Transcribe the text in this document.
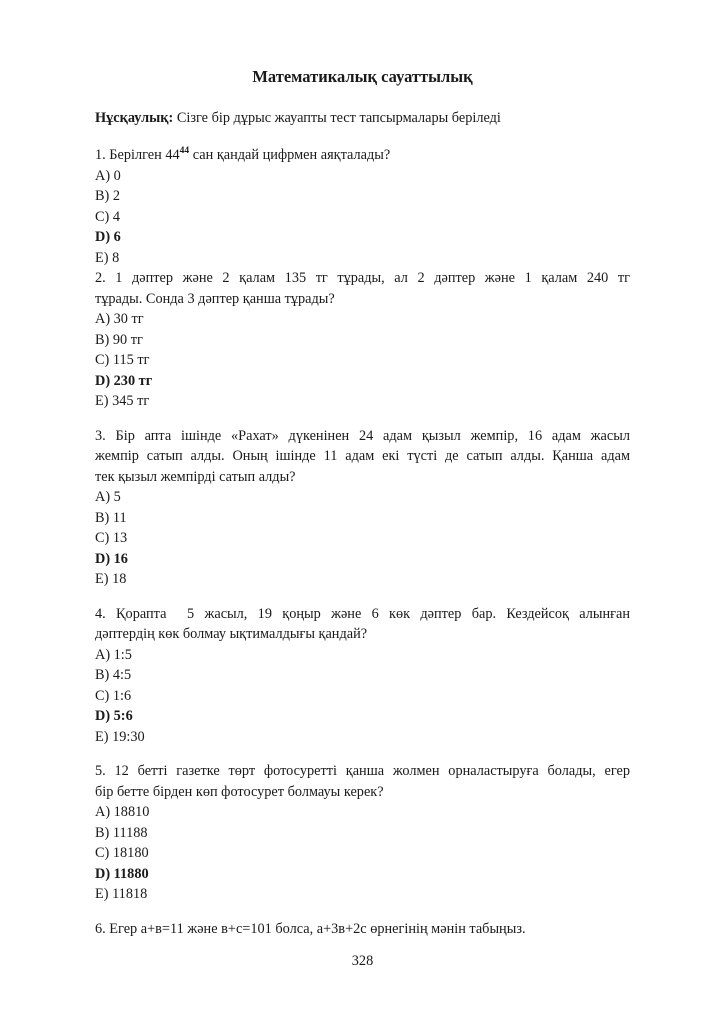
Математикалық сауаттылық
Нұсқаулық: Сізге бір дұрыс жауапты тест тапсырмалары беріледі
1. Берілген $44^{44}$ сан қандай цифрмен аяқталады?
A) 0
B) 2
C) 4
D) 6
E) 8
2. 1 дәптер және 2 қалам 135 тг тұрады, ал 2 дәптер және 1 қалам 240 тг
тұрады. Сонда 3 дәптер қанша тұрады?
A) 30 тг
B) 90 тг
C) 115 тг
D) 230 тг
E) 345 тг
3. Бір апта ішінде «Рахат» дүкенінен 24 адам қызыл жемпір, 16 адам жасыл
жемпір сатып алды. Оның ішінде 11 адам екі түсті де сатып алды. Қанша адам
тек қызыл жемпірді сатып алды?
A) 5
B) 11
C) 13
D) 16
E) 18
4. Қорапта  5 жасыл, 19 қоңыр және 6 көк дәптер бар. Кездейсоқ алынған
дәптердің көк болмау ықтималдығы қандай?
A) 1:5
B) 4:5
C) 1:6
D) 5:6
E) 19:30
5. 12 бетті газетке төрт фотосуретті қанша жолмен орналастыруға болады, егер
бір бетте бірден көп фотосурет болмауы керек?
A) 18810
B) 11188
C) 18180
D) 11880
E) 11818
6. Егер а+в=11 және в+с=101 болса, а+3в+2с өрнегінің мәнін табыңыз.
328
